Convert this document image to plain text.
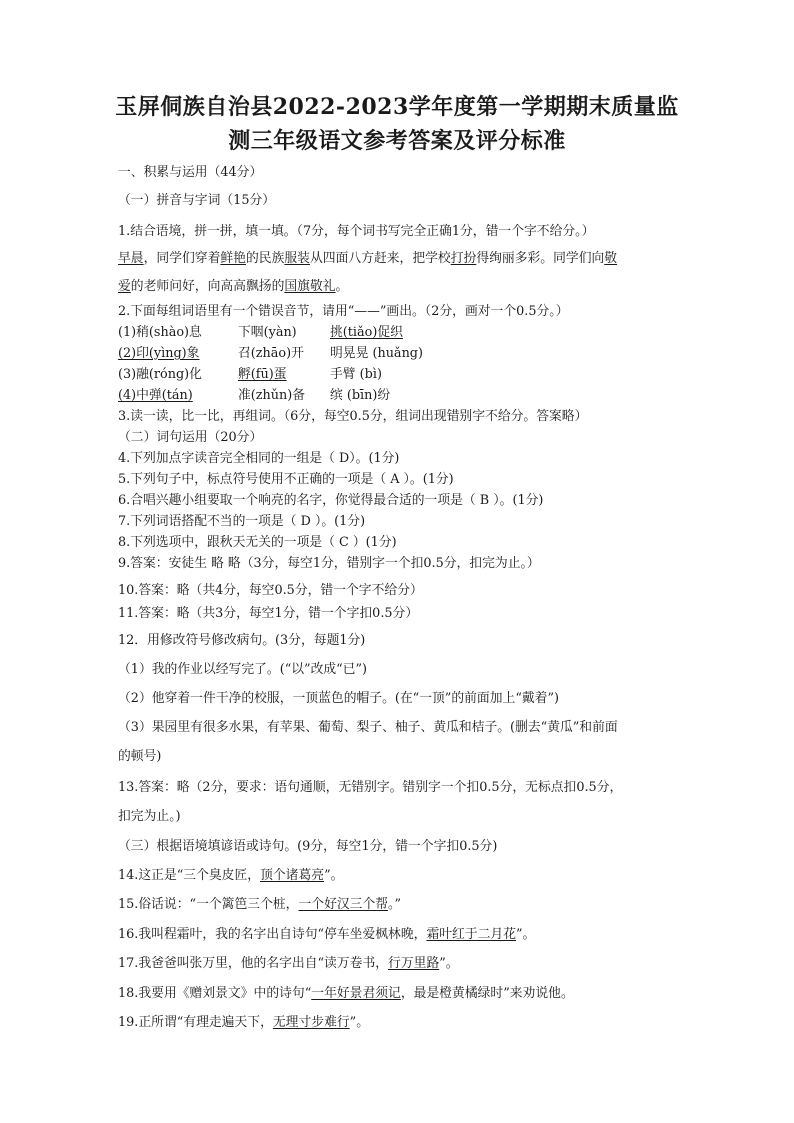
玉屏侗族自治县2022-2023学年度第一学期期末质量监
测三年级语文参考答案及评分标准
一、积累与运用（44分）
（一）拼音与字词（15分）
1.结合语境，拼一拼，填一填。（7分，每个词书写完全正确1分，错一个字不给分。）
早晨，同学们穿着鲜艳的民族服装从四面八方赶来，把学校打扮得绚丽多彩。同学们向敬
爱的老师问好，向高高飘扬的国旗敬礼。
2.下面每组词语里有一个错误音节，请用“——”画出。（2分，画对一个0.5分。）
(1)稍(shào)息	下咽(yàn)	挑(tiǎo)促织
(2)印(yìng)象	召(zhāo)开 明晃晃 (huǎng)
(3)融(róng)化	孵(fū)蛋	手臂 (bì)
(4)中弹(tán)	准(zhǔn)备 缤 (bīn)纷
3.读一读，比一比，再组词。（6分，每空0.5分，组词出现错别字不给分。答案略）
（二）词句运用（20分）
4.下列加点字读音完全相同的一组是（ D）。(1分)
5.下列句子中，标点符号使用不正确的一项是（ A ）。(1分)
6.合唱兴趣小组要取一个响亮的名字，你觉得最合适的一项是（ B ）。(1分)
7.下列词语搭配不当的一项是（ D ）。(1分)
8.下列选项中，跟秋天无关的一项是（ C ）(1分)
9.答案：安徒生 略 略（3分，每空1分，错别字一个扣0.5分，扣完为止。）
10.答案：略（共4分，每空0.5分，错一个字不给分）
11.答案：略（共3分，每空1分，错一个字扣0.5分）
12．用修改符号修改病句。(3分，每题1分)
（1）我的作业以经写完了。(“以”改成“已”)
（2）他穿着一件干净的校服，一顶蓝色的帽子。(在“一顶”的前面加上“戴着”)
（3）果园里有很多水果，有苹果、葡萄、梨子、柚子、黄瓜和桔子。(删去“黄瓜”和前面
的顿号)
13.答案：略（2分，要求：语句通顺，无错别字。错别字一个扣0.5分，无标点扣0.5分，
扣完为止。)
（三）根据语境填谚语或诗句。(9分，每空1分，错一个字扣0.5分)
14.这正是“三个臭皮匠，顶个诸葛亮”。
15.俗话说：“一个篱笆三个桩，一个好汉三个帮。”
16.我叫程霜叶，我的名字出自诗句“停车坐爱枫林晚，霜叶红于二月花”。
17.我爸爸叫张万里，他的名字出自“读万卷书，行万里路”。
18.我要用《赠刘景文》中的诗句“一年好景君须记，最是橙黄橘绿时”来劝说他。
19.正所谓“有理走遍天下，无理寸步难行”。
